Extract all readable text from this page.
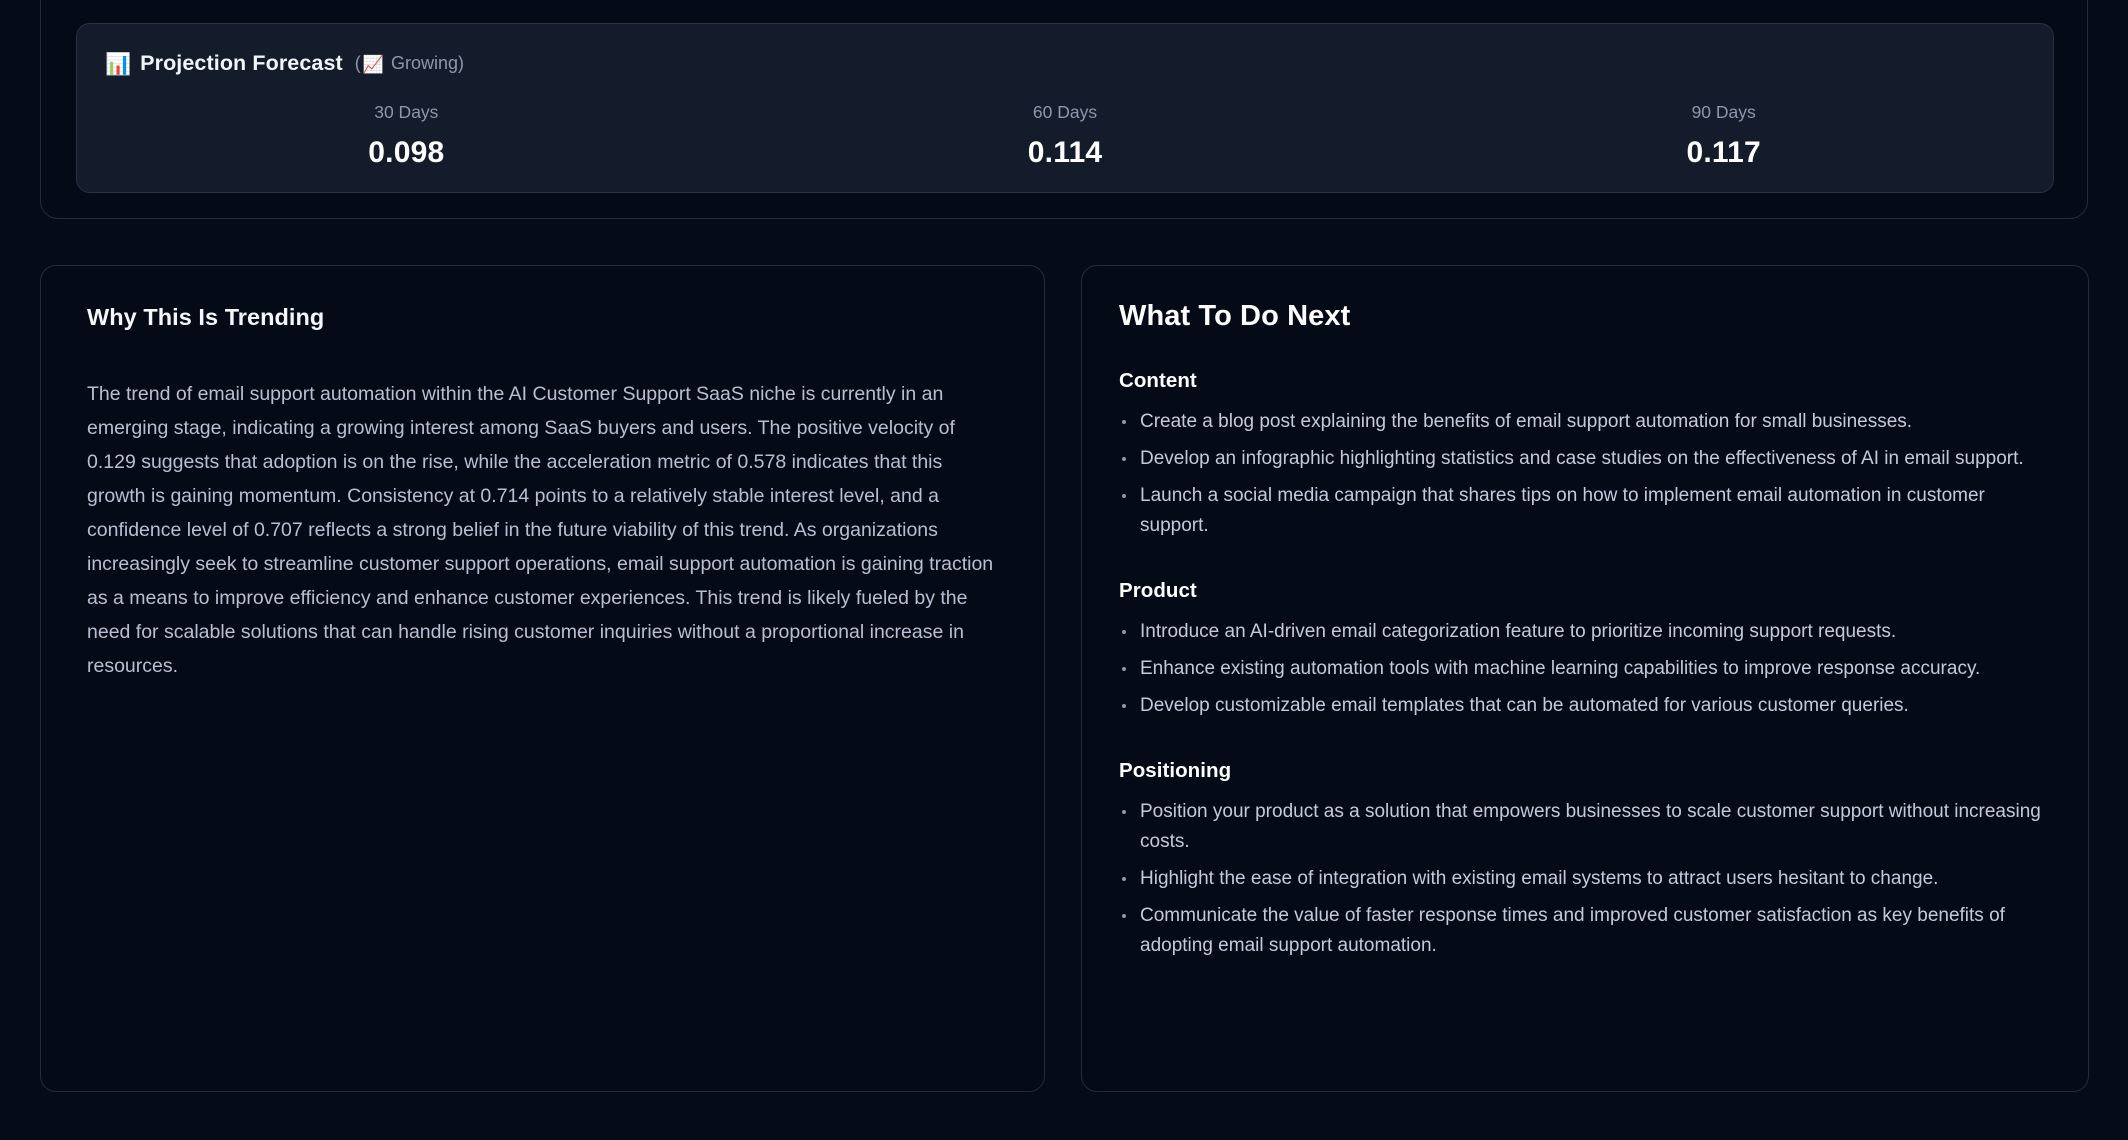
📊 Projection Forecast ( 📈 Growing)
30 Days
0.098
60 Days
0.114
90 Days
0.117
Why This Is Trending

The trend of email support automation within the AI Customer Support SaaS niche is currently in an emerging stage, indicating a growing interest among SaaS buyers and users. The positive velocity of 0.129 suggests that adoption is on the rise, while the acceleration metric of 0.578 indicates that this growth is gaining momentum. Consistency at 0.714 points to a relatively stable interest level, and a confidence level of 0.707 reflects a strong belief in the future viability of this trend. As organizations increasingly seek to streamline customer support operations, email support automation is gaining traction as a means to improve efficiency and enhance customer experiences. This trend is likely fueled by the need for scalable solutions that can handle rising customer inquiries without a proportional increase in resources.

What To Do Next
Content
Create a blog post explaining the benefits of email support automation for small businesses.
Develop an infographic highlighting statistics and case studies on the effectiveness of AI in email support.
Launch a social media campaign that shares tips on how to implement email automation in customer support.
Product
Introduce an AI-driven email categorization feature to prioritize incoming support requests.
Enhance existing automation tools with machine learning capabilities to improve response accuracy.
Develop customizable email templates that can be automated for various customer queries.
Positioning
Position your product as a solution that empowers businesses to scale customer support without increasing costs.
Highlight the ease of integration with existing email systems to attract users hesitant to change.
Communicate the value of faster response times and improved customer satisfaction as key benefits of adopting email support automation.
